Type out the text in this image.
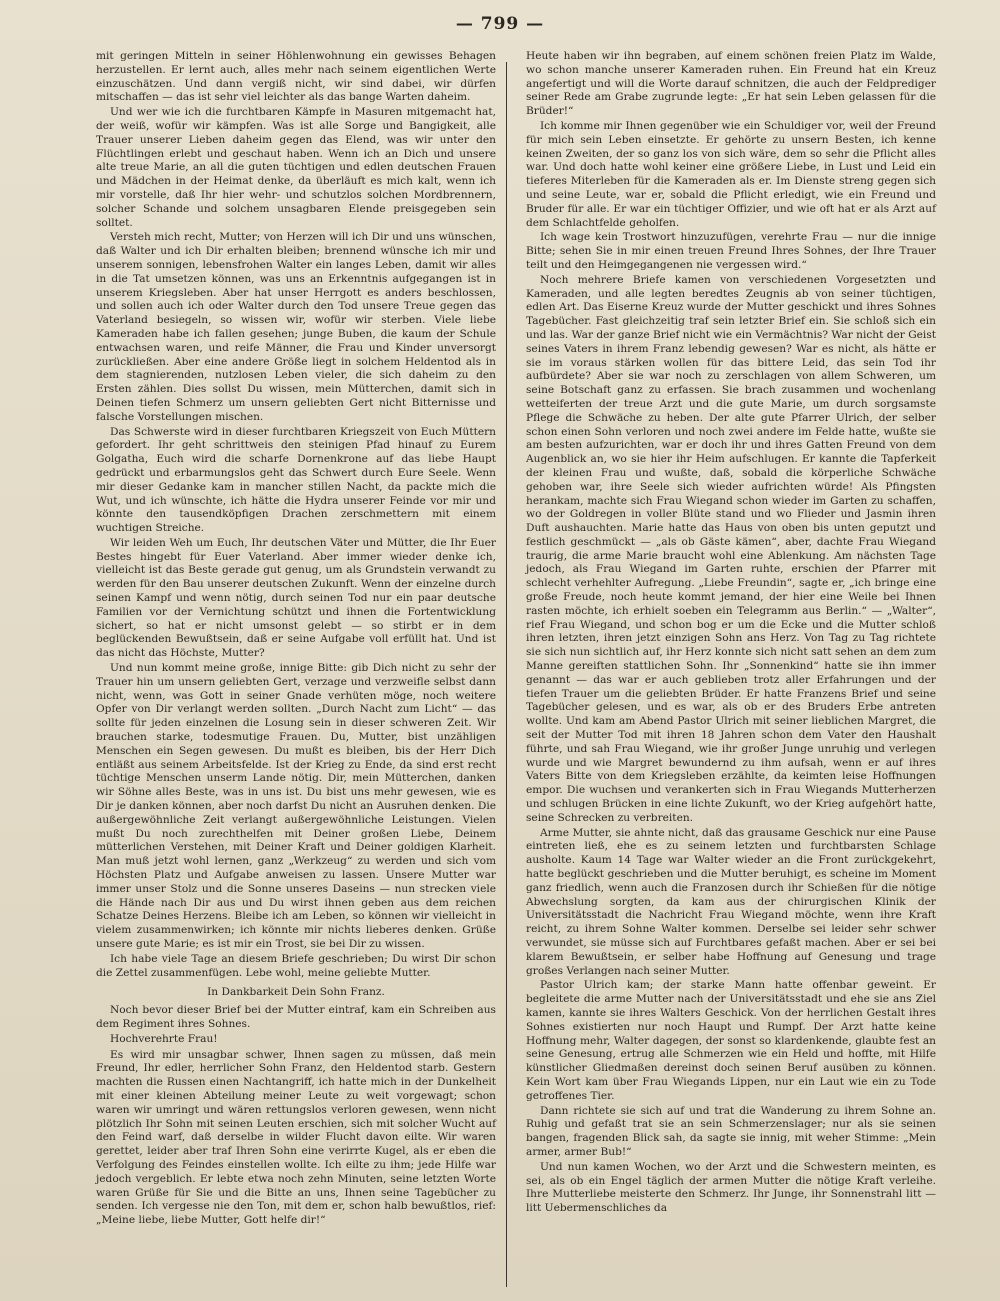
— 799 —

mit geringen Mitteln in seiner Höhlenwohnung ein gewisses Behagen herzustellen. Er lernt auch, alles mehr nach seinem eigentlichen Werte einzuschätzen. Und dann vergiß nicht, wir sind dabei, wir dürfen mitschaffen — das ist sehr viel leichter als das bange Warten daheim.

Und wer wie ich die furchtbaren Kämpfe in Masuren mitgemacht hat, der weiß, wofür wir kämpfen. Was ist alle Sorge und Bangigkeit, alle Trauer unserer Lieben daheim gegen das Elend, was wir unter den Flüchtlingen erlebt und geschaut haben. Wenn ich an Dich und unsere alte treue Marie, an all die guten tüchtigen und edlen deutschen Frauen und Mädchen in der Heimat denke, da überläuft es mich kalt, wenn ich mir vorstelle, daß Ihr hier wehr- und schutzlos solchen Mordbrennern, solcher Schande und solchem unsagbaren Elende preisgegeben sein solltet.

Versteh mich recht, Mutter; von Herzen will ich Dir und uns wünschen, daß Walter und ich Dir erhalten bleiben; brennend wünsche ich mir und unserem sonnigen, lebensfrohen Walter ein langes Leben, damit wir alles in die Tat umsetzen können, was uns an Erkenntnis aufgegangen ist in unserem Kriegsleben. Aber hat unser Herrgott es anders beschlossen, und sollen auch ich oder Walter durch den Tod unsere Treue gegen das Vaterland besiegeln, so wissen wir, wofür wir sterben. Viele liebe Kameraden habe ich fallen gesehen; junge Buben, die kaum der Schule entwachsen waren, und reife Männer, die Frau und Kinder unversorgt zurückließen. Aber eine andere Größe liegt in solchem Heldentod als in dem stagnierenden, nutzlosen Leben vieler, die sich daheim zu den Ersten zählen. Dies sollst Du wissen, mein Mütterchen, damit sich in Deinen tiefen Schmerz um unsern geliebten Gert nicht Bitternisse und falsche Vorstellungen mischen.

Das Schwerste wird in dieser furchtbaren Kriegszeit von Euch Müttern gefordert. Ihr geht schrittweis den steinigen Pfad hinauf zu Eurem Golgatha, Euch wird die scharfe Dornenkrone auf das liebe Haupt gedrückt und erbarmungslos geht das Schwert durch Eure Seele. Wenn mir dieser Gedanke kam in mancher stillen Nacht, da packte mich die Wut, und ich wünschte, ich hätte die Hydra unserer Feinde vor mir und könnte den tausendköpfigen Drachen zerschmettern mit einem wuchtigen Streiche.

Wir leiden Weh um Euch, Ihr deutschen Väter und Mütter, die Ihr Euer Bestes hingebt für Euer Vaterland. Aber immer wieder denke ich, vielleicht ist das Beste gerade gut genug, um als Grundstein verwandt zu werden für den Bau unserer deutschen Zukunft. Wenn der einzelne durch seinen Kampf und wenn nötig, durch seinen Tod nur ein paar deutsche Familien vor der Vernichtung schützt und ihnen die Fortentwicklung sichert, so hat er nicht umsonst gelebt — so stirbt er in dem beglückenden Bewußtsein, daß er seine Aufgabe voll erfüllt hat. Und ist das nicht das Höchste, Mutter?

Und nun kommt meine große, innige Bitte: gib Dich nicht zu sehr der Trauer hin um unsern geliebten Gert, verzage und verzweifle selbst dann nicht, wenn, was Gott in seiner Gnade verhüten möge, noch weitere Opfer von Dir verlangt werden sollten. „Durch Nacht zum Licht“ — das sollte für jeden einzelnen die Losung sein in dieser schweren Zeit. Wir brauchen starke, todesmutige Frauen. Du, Mutter, bist unzähligen Menschen ein Segen gewesen. Du mußt es bleiben, bis der Herr Dich entläßt aus seinem Arbeitsfelde. Ist der Krieg zu Ende, da sind erst recht tüchtige Menschen unserm Lande nötig. Dir, mein Mütterchen, danken wir Söhne alles Beste, was in uns ist. Du bist uns mehr gewesen, wie es Dir je danken können, aber noch darfst Du nicht an Ausruhen denken. Die außergewöhnliche Zeit verlangt außergewöhnliche Leistungen. Vielen mußt Du noch zurechthelfen mit Deiner großen Liebe, Deinem mütterlichen Verstehen, mit Deiner Kraft und Deiner goldigen Klarheit. Man muß jetzt wohl lernen, ganz „Werkzeug“ zu werden und sich vom Höchsten Platz und Aufgabe anweisen zu lassen. Unsere Mutter war immer unser Stolz und die Sonne unseres Daseins — nun strecken viele die Hände nach Dir aus und Du wirst ihnen geben aus dem reichen Schatze Deines Herzens. Bleibe ich am Leben, so können wir vielleicht in vielem zusammenwirken; ich könnte mir nichts lieberes denken. Grüße unsere gute Marie; es ist mir ein Trost, sie bei Dir zu wissen.

Ich habe viele Tage an diesem Briefe geschrieben; Du wirst Dir schon die Zettel zusammenfügen. Lebe wohl, meine geliebte Mutter.

In Dankbarkeit Dein Sohn Franz.

Noch bevor dieser Brief bei der Mutter eintraf, kam ein Schreiben aus dem Regiment ihres Sohnes.

Hochverehrte Frau!

Es wird mir unsagbar schwer, Ihnen sagen zu müssen, daß mein Freund, Ihr edler, herrlicher Sohn Franz, den Heldentod starb. Gestern machten die Russen einen Nachtangriff, ich hatte mich in der Dunkelheit mit einer kleinen Abteilung meiner Leute zu weit vorgewagt; schon waren wir umringt und wären rettungslos verloren gewesen, wenn nicht plötzlich Ihr Sohn mit seinen Leuten erschien, sich mit solcher Wucht auf den Feind warf, daß derselbe in wilder Flucht davon eilte. Wir waren gerettet, leider aber traf Ihren Sohn eine verirrte Kugel, als er eben die Verfolgung des Feindes einstellen wollte. Ich eilte zu ihm; jede Hilfe war jedoch vergeblich. Er lebte etwa noch zehn Minuten, seine letzten Worte waren Grüße für Sie und die Bitte an uns, Ihnen seine Tagebücher zu senden. Ich vergesse nie den Ton, mit dem er, schon halb bewußtlos, rief: „Meine liebe, liebe Mutter, Gott helfe dir!“

Heute haben wir ihn begraben, auf einem schönen freien Platz im Walde, wo schon manche unserer Kameraden ruhen. Ein Freund hat ein Kreuz angefertigt und will die Worte darauf schnitzen, die auch der Feldprediger seiner Rede am Grabe zugrunde legte: „Er hat sein Leben gelassen für die Brüder!“

Ich komme mir Ihnen gegenüber wie ein Schuldiger vor, weil der Freund für mich sein Leben einsetzte. Er gehörte zu unsern Besten, ich kenne keinen Zweiten, der so ganz los von sich wäre, dem so sehr die Pflicht alles war. Und doch hatte wohl keiner eine größere Liebe, in Lust und Leid ein tieferes Miterleben für die Kameraden als er. Im Dienste streng gegen sich und seine Leute, war er, sobald die Pflicht erledigt, wie ein Freund und Bruder für alle. Er war ein tüchtiger Offizier, und wie oft hat er als Arzt auf dem Schlachtfelde geholfen.

Ich wage kein Trostwort hinzuzufügen, verehrte Frau — nur die innige Bitte; sehen Sie in mir einen treuen Freund Ihres Sohnes, der Ihre Trauer teilt und den Heimgegangenen nie vergessen wird.“

Noch mehrere Briefe kamen von verschiedenen Vorgesetzten und Kameraden, und alle legten beredtes Zeugnis ab von seiner tüchtigen, edlen Art. Das Eiserne Kreuz wurde der Mutter geschickt und ihres Sohnes Tagebücher. Fast gleichzeitig traf sein letzter Brief ein. Sie schloß sich ein und las. War der ganze Brief nicht wie ein Vermächtnis? War nicht der Geist seines Vaters in ihrem Franz lebendig gewesen? War es nicht, als hätte er sie im voraus stärken wollen für das bittere Leid, das sein Tod ihr aufbürdete? Aber sie war noch zu zerschlagen von allem Schweren, um seine Botschaft ganz zu erfassen. Sie brach zusammen und wochenlang wetteiferten der treue Arzt und die gute Marie, um durch sorgsamste Pflege die Schwäche zu heben. Der alte gute Pfarrer Ulrich, der selber schon einen Sohn verloren und noch zwei andere im Felde hatte, wußte sie am besten aufzurichten, war er doch ihr und ihres Gatten Freund von dem Augenblick an, wo sie hier ihr Heim aufschlugen. Er kannte die Tapferkeit der kleinen Frau und wußte, daß, sobald die körperliche Schwäche gehoben war, ihre Seele sich wieder aufrichten würde! Als Pfingsten herankam, machte sich Frau Wiegand schon wieder im Garten zu schaffen, wo der Goldregen in voller Blüte stand und wo Flieder und Jasmin ihren Duft aushauchten. Marie hatte das Haus von oben bis unten geputzt und festlich geschmückt — „als ob Gäste kämen“, aber, dachte Frau Wiegand traurig, die arme Marie braucht wohl eine Ablenkung. Am nächsten Tage jedoch, als Frau Wiegand im Garten ruhte, erschien der Pfarrer mit schlecht verhehlter Aufregung. „Liebe Freundin“, sagte er, „ich bringe eine große Freude, noch heute kommt jemand, der hier eine Weile bei Ihnen rasten möchte, ich erhielt soeben ein Telegramm aus Berlin.“ — „Walter“, rief Frau Wiegand, und schon bog er um die Ecke und die Mutter schloß ihren letzten, ihren jetzt einzigen Sohn ans Herz. Von Tag zu Tag richtete sie sich nun sichtlich auf, ihr Herz konnte sich nicht satt sehen an dem zum Manne gereiften stattlichen Sohn. Ihr „Sonnenkind“ hatte sie ihn immer genannt — das war er auch geblieben trotz aller Erfahrungen und der tiefen Trauer um die geliebten Brüder. Er hatte Franzens Brief und seine Tagebücher gelesen, und es war, als ob er des Bruders Erbe antreten wollte. Und kam am Abend Pastor Ulrich mit seiner lieblichen Margret, die seit der Mutter Tod mit ihren 18 Jahren schon dem Vater den Haushalt führte, und sah Frau Wiegand, wie ihr großer Junge unruhig und verlegen wurde und wie Margret bewundernd zu ihm aufsah, wenn er auf ihres Vaters Bitte von dem Kriegsleben erzählte, da keimten leise Hoffnungen empor. Die wuchsen und verankerten sich in Frau Wiegands Mutterherzen und schlugen Brücken in eine lichte Zukunft, wo der Krieg aufgehört hatte, seine Schrecken zu verbreiten.

Arme Mutter, sie ahnte nicht, daß das grausame Geschick nur eine Pause eintreten ließ, ehe es zu seinem letzten und furchtbarsten Schlage ausholte. Kaum 14 Tage war Walter wieder an die Front zurückgekehrt, hatte beglückt geschrieben und die Mutter beruhigt, es scheine im Moment ganz friedlich, wenn auch die Franzosen durch ihr Schießen für die nötige Abwechslung sorgten, da kam aus der chirurgischen Klinik der Universitätsstadt die Nachricht Frau Wiegand möchte, wenn ihre Kraft reicht, zu ihrem Sohne Walter kommen. Derselbe sei leider sehr schwer verwundet, sie müsse sich auf Furchtbares gefaßt machen. Aber er sei bei klarem Bewußtsein, er selber habe Hoffnung auf Genesung und trage großes Verlangen nach seiner Mutter.

Pastor Ulrich kam; der starke Mann hatte offenbar geweint. Er begleitete die arme Mutter nach der Universitätsstadt und ehe sie ans Ziel kamen, kannte sie ihres Walters Geschick. Von der herrlichen Gestalt ihres Sohnes existierten nur noch Haupt und Rumpf. Der Arzt hatte keine Hoffnung mehr, Walter dagegen, der sonst so klardenkende, glaubte fest an seine Genesung, ertrug alle Schmerzen wie ein Held und hoffte, mit Hilfe künstlicher Gliedmaßen dereinst doch seinen Beruf ausüben zu können. Kein Wort kam über Frau Wiegands Lippen, nur ein Laut wie ein zu Tode getroffenes Tier.

Dann richtete sie sich auf und trat die Wanderung zu ihrem Sohne an. Ruhig und gefaßt trat sie an sein Schmerzenslager; nur als sie seinen bangen, fragenden Blick sah, da sagte sie innig, mit weher Stimme: „Mein armer, armer Bub!“

Und nun kamen Wochen, wo der Arzt und die Schwestern meinten, es sei, als ob ein Engel täglich der armen Mutter die nötige Kraft verleihe. Ihre Mutterliebe meisterte den Schmerz. Ihr Junge, ihr Sonnenstrahl litt — litt Uebermenschliches da
